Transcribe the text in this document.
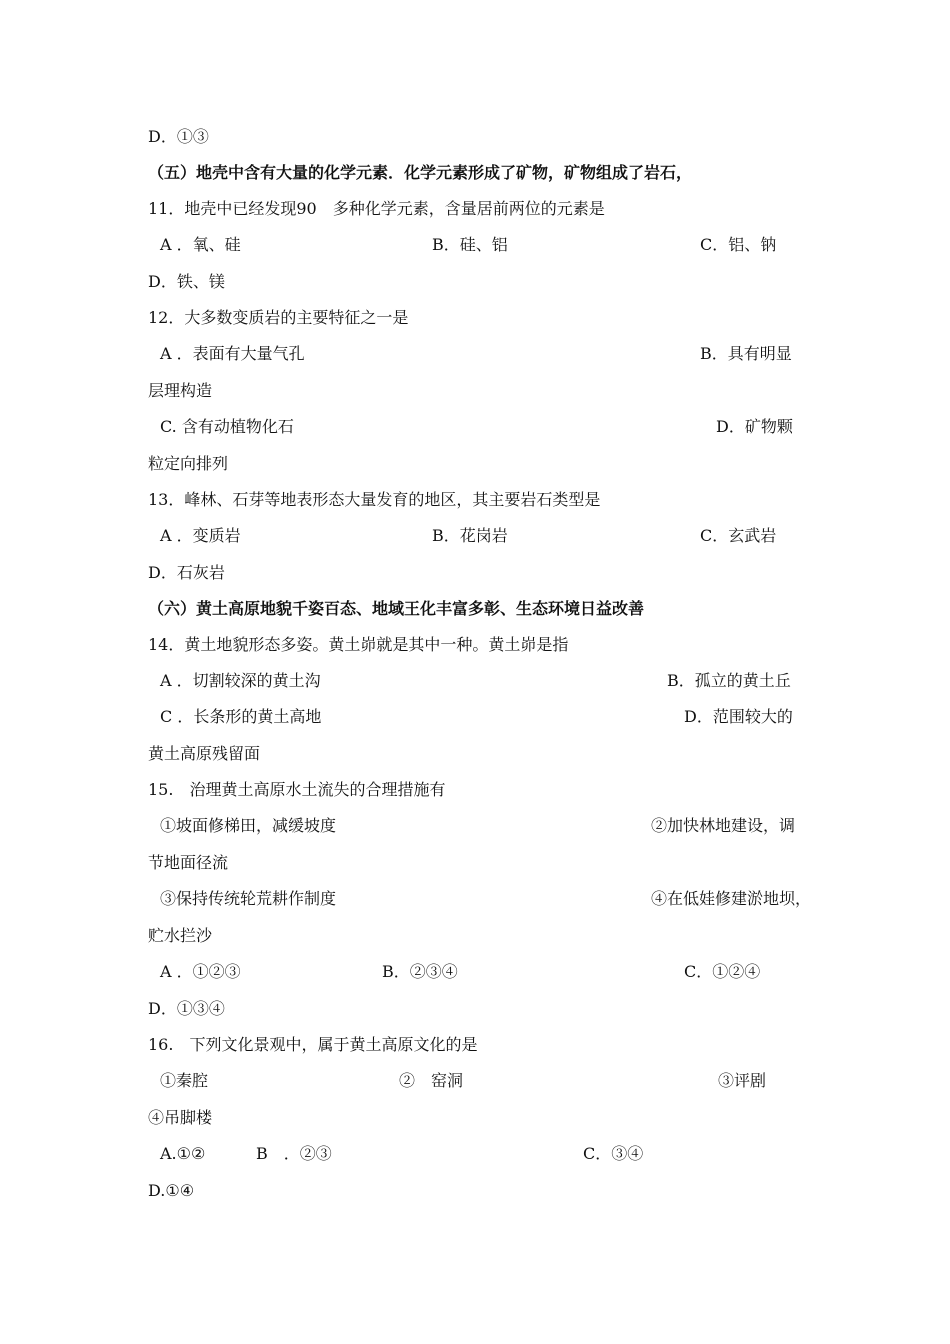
D．①③
（五）地壳中含有大量的化学元素．化学元素形成了矿物，矿物组成了岩石，
11．地壳中已经发现90　多种化学元素，含量居前两位的元素是
A ．氧、硅	B．硅、铝	C．铝、钠
D．铁、镁
12．大多数变质岩的主要特征之一是
A ．表面有大量气孔	B．具有明显
层理构造
C. 含有动植物化石	D．矿物颗
粒定向排列
13．峰林、石芽等地表形态大量发育的地区，其主要岩石类型是
A ．变质岩	B．花岗岩	C．玄武岩
D．石灰岩
（六）黄土高原地貌千姿百态、地域王化丰富多彰、生态环境日益改善
14．黄土地貌形态多姿。黄土峁就是其中一种。黄土峁是指
A ．切割较深的黄土沟	B．孤立的黄土丘
C ．长条形的黄土高地	D．范围较大的
黄土高原残留面
15.　治理黄土高原水土流失的合理措施有
①坡面修梯田，减缓坡度	②加快林地建设，调
节地面径流
③保持传统轮荒耕作制度	④在低娃修建淤地坝，
贮水拦沙
A ．①②③	B．②③④	C．①②④
D．①③④
16.　下列文化景观中，属于黄土高原文化的是
①秦腔	②　窑洞	③评剧
④吊脚楼
A.①②	B　．②③	C．③④
D.①④
